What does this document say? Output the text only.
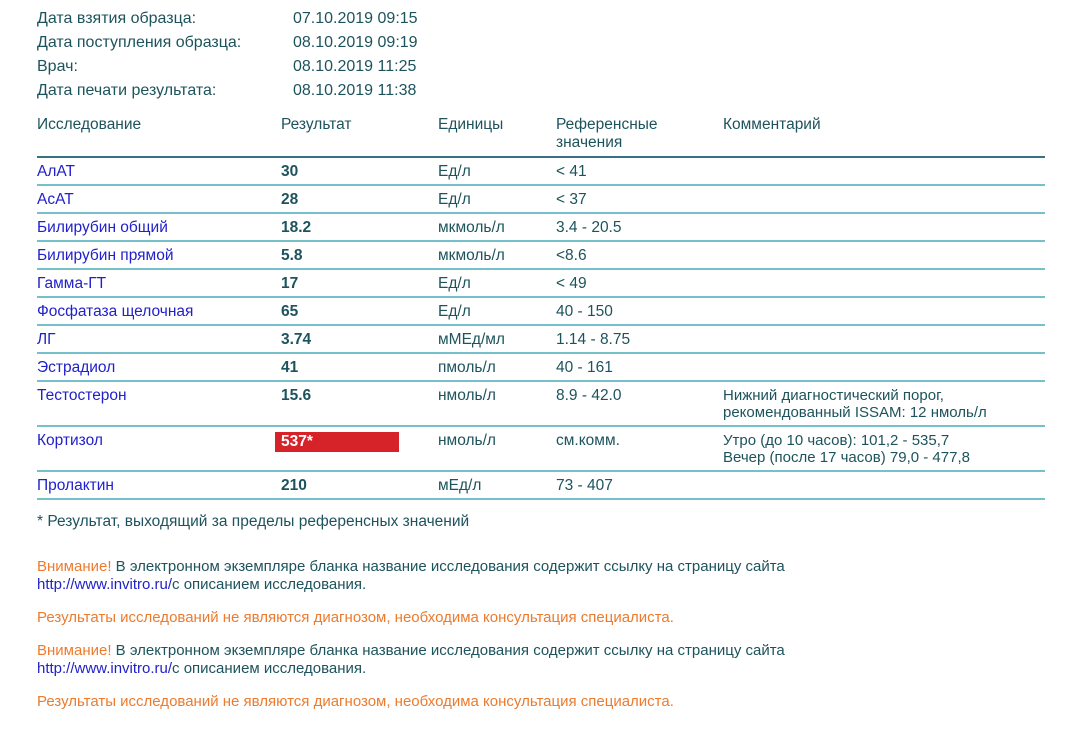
Дата взятия образца:	07.10.2019 09:15
Дата поступления образца:	08.10.2019 09:19
Врач:	08.10.2019 11:25
Дата печати результата:	08.10.2019 11:38
Исследование	Результат	Единицы	Референсные значения	Комментарий
АлАТ	30	Ед/л	< 41	
АсАТ	28	Ед/л	< 37	
Билирубин общий	18.2	мкмоль/л	3.4 - 20.5	
Билирубин прямой	5.8	мкмоль/л	<8.6	
Гамма-ГТ	17	Ед/л	< 49	
Фосфатаза щелочная	65	Ед/л	40 - 150	
ЛГ	3.74	мМЕд/мл	1.14 - 8.75	
Эстрадиол	41	пмоль/л	40 - 161	
Тестостерон	15.6	нмоль/л	8.9 - 42.0	Нижний диагностический порог,
рекомендованный ISSAM: 12 нмоль/л

Кортизол	537*	нмоль/л	см.комм.	Утро (до 10 часов): 101,2 - 535,7
Вечер (после 17 часов) 79,0 - 477,8

Пролактин	210	мЕд/л	73 - 407	
* Результат, выходящий за пределы референсных значений
Внимание! В электронном экземпляре бланка название исследования содержит ссылку на страницу сайта
http://www.invitro.ru/с описанием исследования.
Результаты исследований не являются диагнозом, необходима консультация специалиста.
Внимание! В электронном экземпляре бланка название исследования содержит ссылку на страницу сайта
http://www.invitro.ru/с описанием исследования.
Результаты исследований не являются диагнозом, необходима консультация специалиста.
